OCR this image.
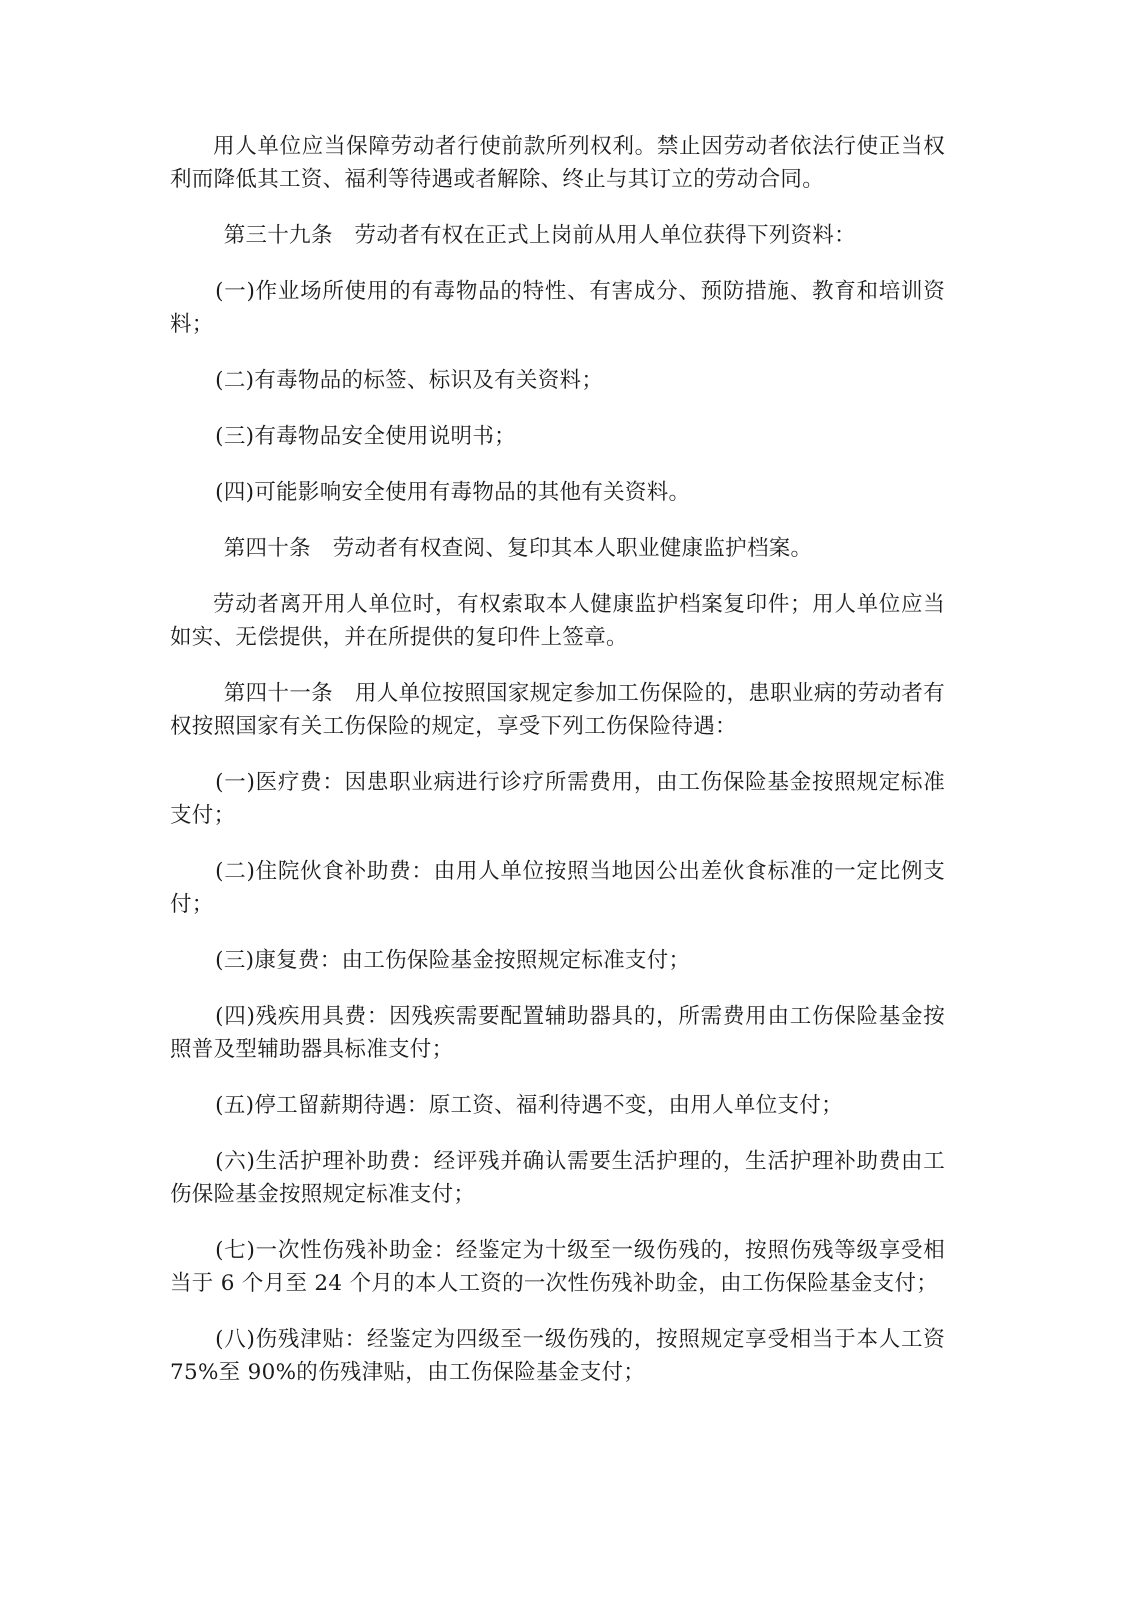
用人单位应当保障劳动者行使前款所列权利。禁止因劳动者依法行使正当权利而降低其工资、福利等待遇或者解除、终止与其订立的劳动合同。

第三十九条　劳动者有权在正式上岗前从用人单位获得下列资料：

(一)作业场所使用的有毒物品的特性、有害成分、预防措施、教育和培训资料；

(二)有毒物品的标签、标识及有关资料；

(三)有毒物品安全使用说明书；

(四)可能影响安全使用有毒物品的其他有关资料。

第四十条　劳动者有权查阅、复印其本人职业健康监护档案。

劳动者离开用人单位时，有权索取本人健康监护档案复印件；用人单位应当如实、无偿提供，并在所提供的复印件上签章。

第四十一条　用人单位按照国家规定参加工伤保险的，患职业病的劳动者有权按照国家有关工伤保险的规定，享受下列工伤保险待遇：

(一)医疗费：因患职业病进行诊疗所需费用，由工伤保险基金按照规定标准支付；

(二)住院伙食补助费：由用人单位按照当地因公出差伙食标准的一定比例支付；

(三)康复费：由工伤保险基金按照规定标准支付；

(四)残疾用具费：因残疾需要配置辅助器具的，所需费用由工伤保险基金按照普及型辅助器具标准支付；

(五)停工留薪期待遇：原工资、福利待遇不变，由用人单位支付；

(六)生活护理补助费：经评残并确认需要生活护理的，生活护理补助费由工伤保险基金按照规定标准支付；

(七)一次性伤残补助金：经鉴定为十级至一级伤残的，按照伤残等级享受相当于 6 个月至 24 个月的本人工资的一次性伤残补助金，由工伤保险基金支付；

(八)伤残津贴：经鉴定为四级至一级伤残的，按照规定享受相当于本人工资 75%至 90%的伤残津贴，由工伤保险基金支付；
